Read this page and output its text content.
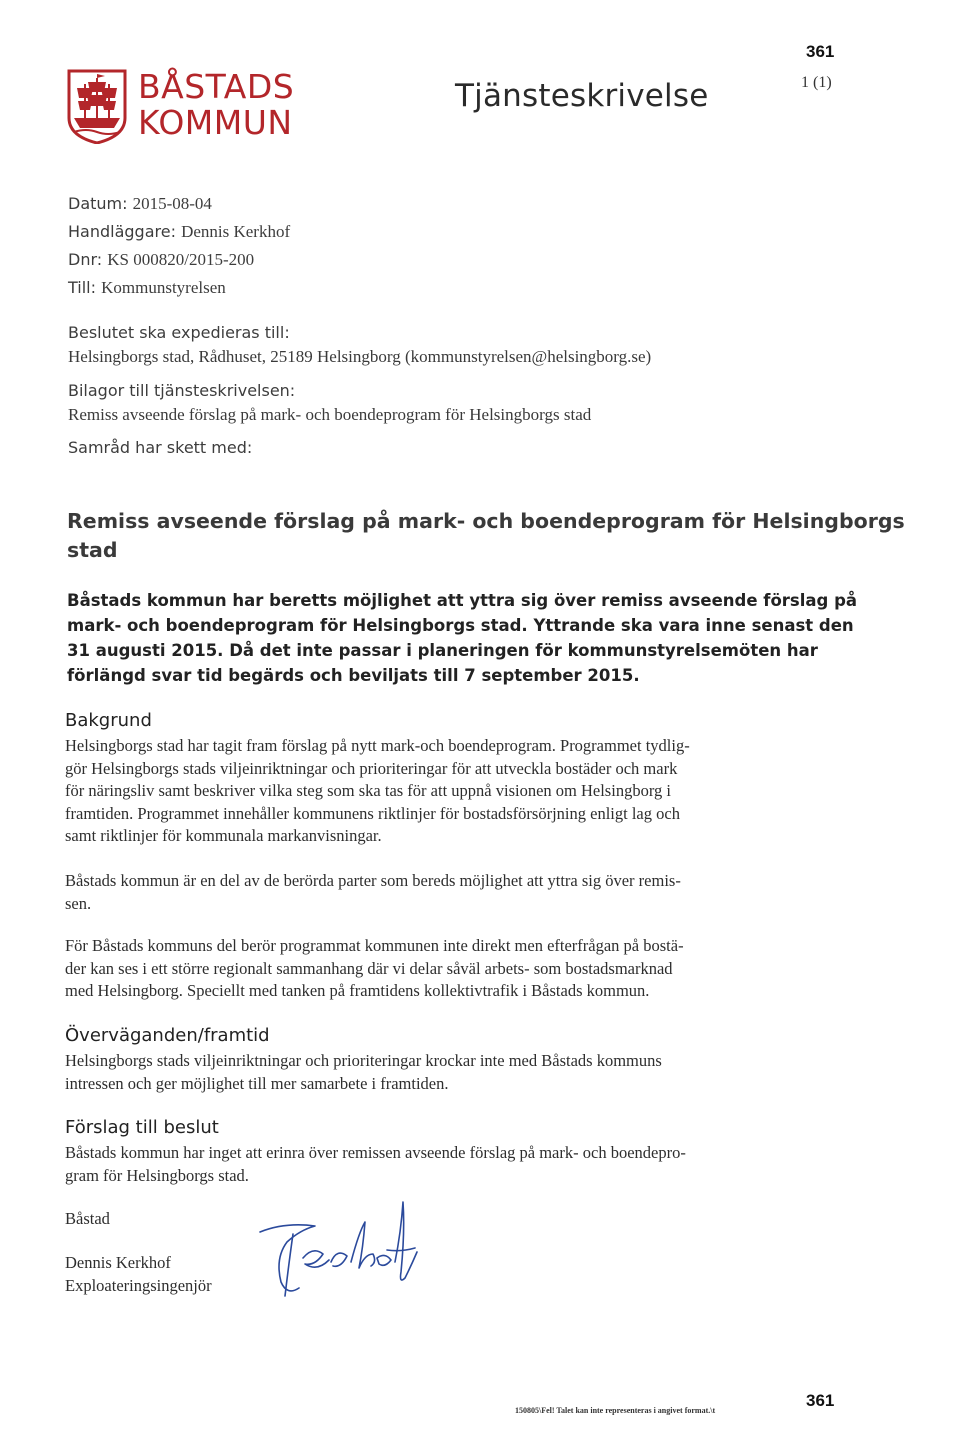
361
1 (1)
BÅSTADS
KOMMUN
Tjänsteskrivelse
Datum: 2015-08-04
Handläggare: Dennis Kerkhof
Dnr: KS 000820/2015-200
Till: Kommunstyrelsen
Beslutet ska expedieras till:
Helsingborgs stad, Rådhuset, 25189 Helsingborg (kommunstyrelsen@helsingborg.se)
Bilagor till tjänsteskrivelsen:
Remiss avseende förslag på mark- och boendeprogram för Helsingborgs stad
Samråd har skett med:
Remiss avseende förslag på mark- och boendeprogram för Helsingborgs
stad
Båstads kommun har beretts möjlighet att yttra sig över remiss avseende förslag på
mark- och boendeprogram för Helsingborgs stad. Yttrande ska vara inne senast den
31 augusti 2015. Då det inte passar i planeringen för kommunstyrelsemöten har
förlängd svar tid begärds och beviljats till 7 september 2015.
Bakgrund
Helsingborgs stad har tagit fram förslag på nytt mark-och boendeprogram. Programmet tydlig-
gör Helsingborgs stads viljeinriktningar och prioriteringar för att utveckla bostäder och mark
för näringsliv samt beskriver vilka steg som ska tas för att uppnå visionen om Helsingborg i
framtiden. Programmet innehåller kommunens riktlinjer för bostadsförsörjning enligt lag och
samt riktlinjer för kommunala markanvisningar.
Båstads kommun är en del av de berörda parter som bereds möjlighet att yttra sig över remis-
sen.
För Båstads kommuns del berör programmat kommunen inte direkt men efterfrågan på bostä-
der kan ses i ett större regionalt sammanhang där vi delar såväl arbets- som bostadsmarknad
med Helsingborg. Speciellt med tanken på framtidens kollektivtrafik i Båstads kommun.
Överväganden/framtid
Helsingborgs stads viljeinriktningar och prioriteringar krockar inte med Båstads kommuns
intressen och ger möjlighet till mer samarbete i framtiden.
Förslag till beslut
Båstads kommun har inget att erinra över remissen avseende förslag på mark- och boendepro-
gram för Helsingborgs stad.
Båstad
Dennis Kerkhof
Exploateringsingenjör
150805\Fel! Talet kan inte representeras i angivet format.\t
361
